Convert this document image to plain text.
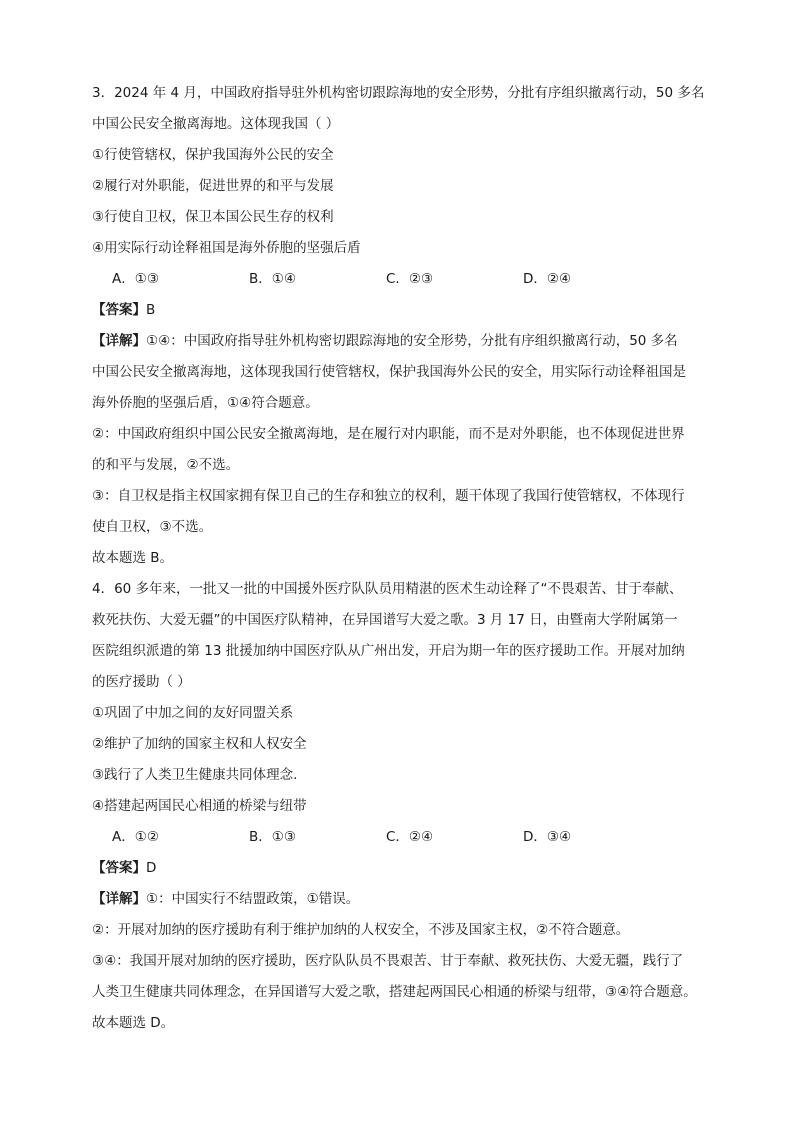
3．2024 年 4 月，中国政府指导驻外机构密切跟踪海地的安全形势，分批有序组织撤离行动，50 多名
中国公民安全撤离海地。这体现我国（ ）
①行使管辖权，保护我国海外公民的安全
②履行对外职能，促进世界的和平与发展
③行使自卫权，保卫本国公民生存的权利
④用实际行动诠释祖国是海外侨胞的坚强后盾
A．①③	B．①④	C．②③	D．②④
【答案】B
【详解】①④：中国政府指导驻外机构密切跟踪海地的安全形势，分批有序组织撤离行动，50 多名
中国公民安全撤离海地，这体现我国行使管辖权，保护我国海外公民的安全，用实际行动诠释祖国是
海外侨胞的坚强后盾，①④符合题意。
②：中国政府组织中国公民安全撤离海地，是在履行对内职能，而不是对外职能，也不体现促进世界
的和平与发展，②不选。
③：自卫权是指主权国家拥有保卫自己的生存和独立的权利，题干体现了我国行使管辖权，不体现行
使自卫权，③不选。
故本题选 B。
4．60 多年来，一批又一批的中国援外医疗队队员用精湛的医术生动诠释了“不畏艰苦、甘于奉献、
救死扶伤、大爱无疆”的中国医疗队精神，在异国谱写大爱之歌。3 月 17 日，由暨南大学附属第一
医院组织派遣的第 13 批援加纳中国医疗队从广州出发，开启为期一年的医疗援助工作。开展对加纳
的医疗援助（ ）
①巩固了中加之间的友好同盟关系
②维护了加纳的国家主权和人权安全
③践行了人类卫生健康共同体理念.
④搭建起两国民心相通的桥梁与纽带
A．①②	B．①③	C．②④	D．③④
【答案】D
【详解】①：中国实行不结盟政策，①错误。
②：开展对加纳的医疗援助有利于维护加纳的人权安全，不涉及国家主权，②不符合题意。
③④：我国开展对加纳的医疗援助，医疗队队员不畏艰苦、甘于奉献、救死扶伤、大爱无疆，践行了
人类卫生健康共同体理念，在异国谱写大爱之歌，搭建起两国民心相通的桥梁与纽带，③④符合题意。
故本题选 D。
